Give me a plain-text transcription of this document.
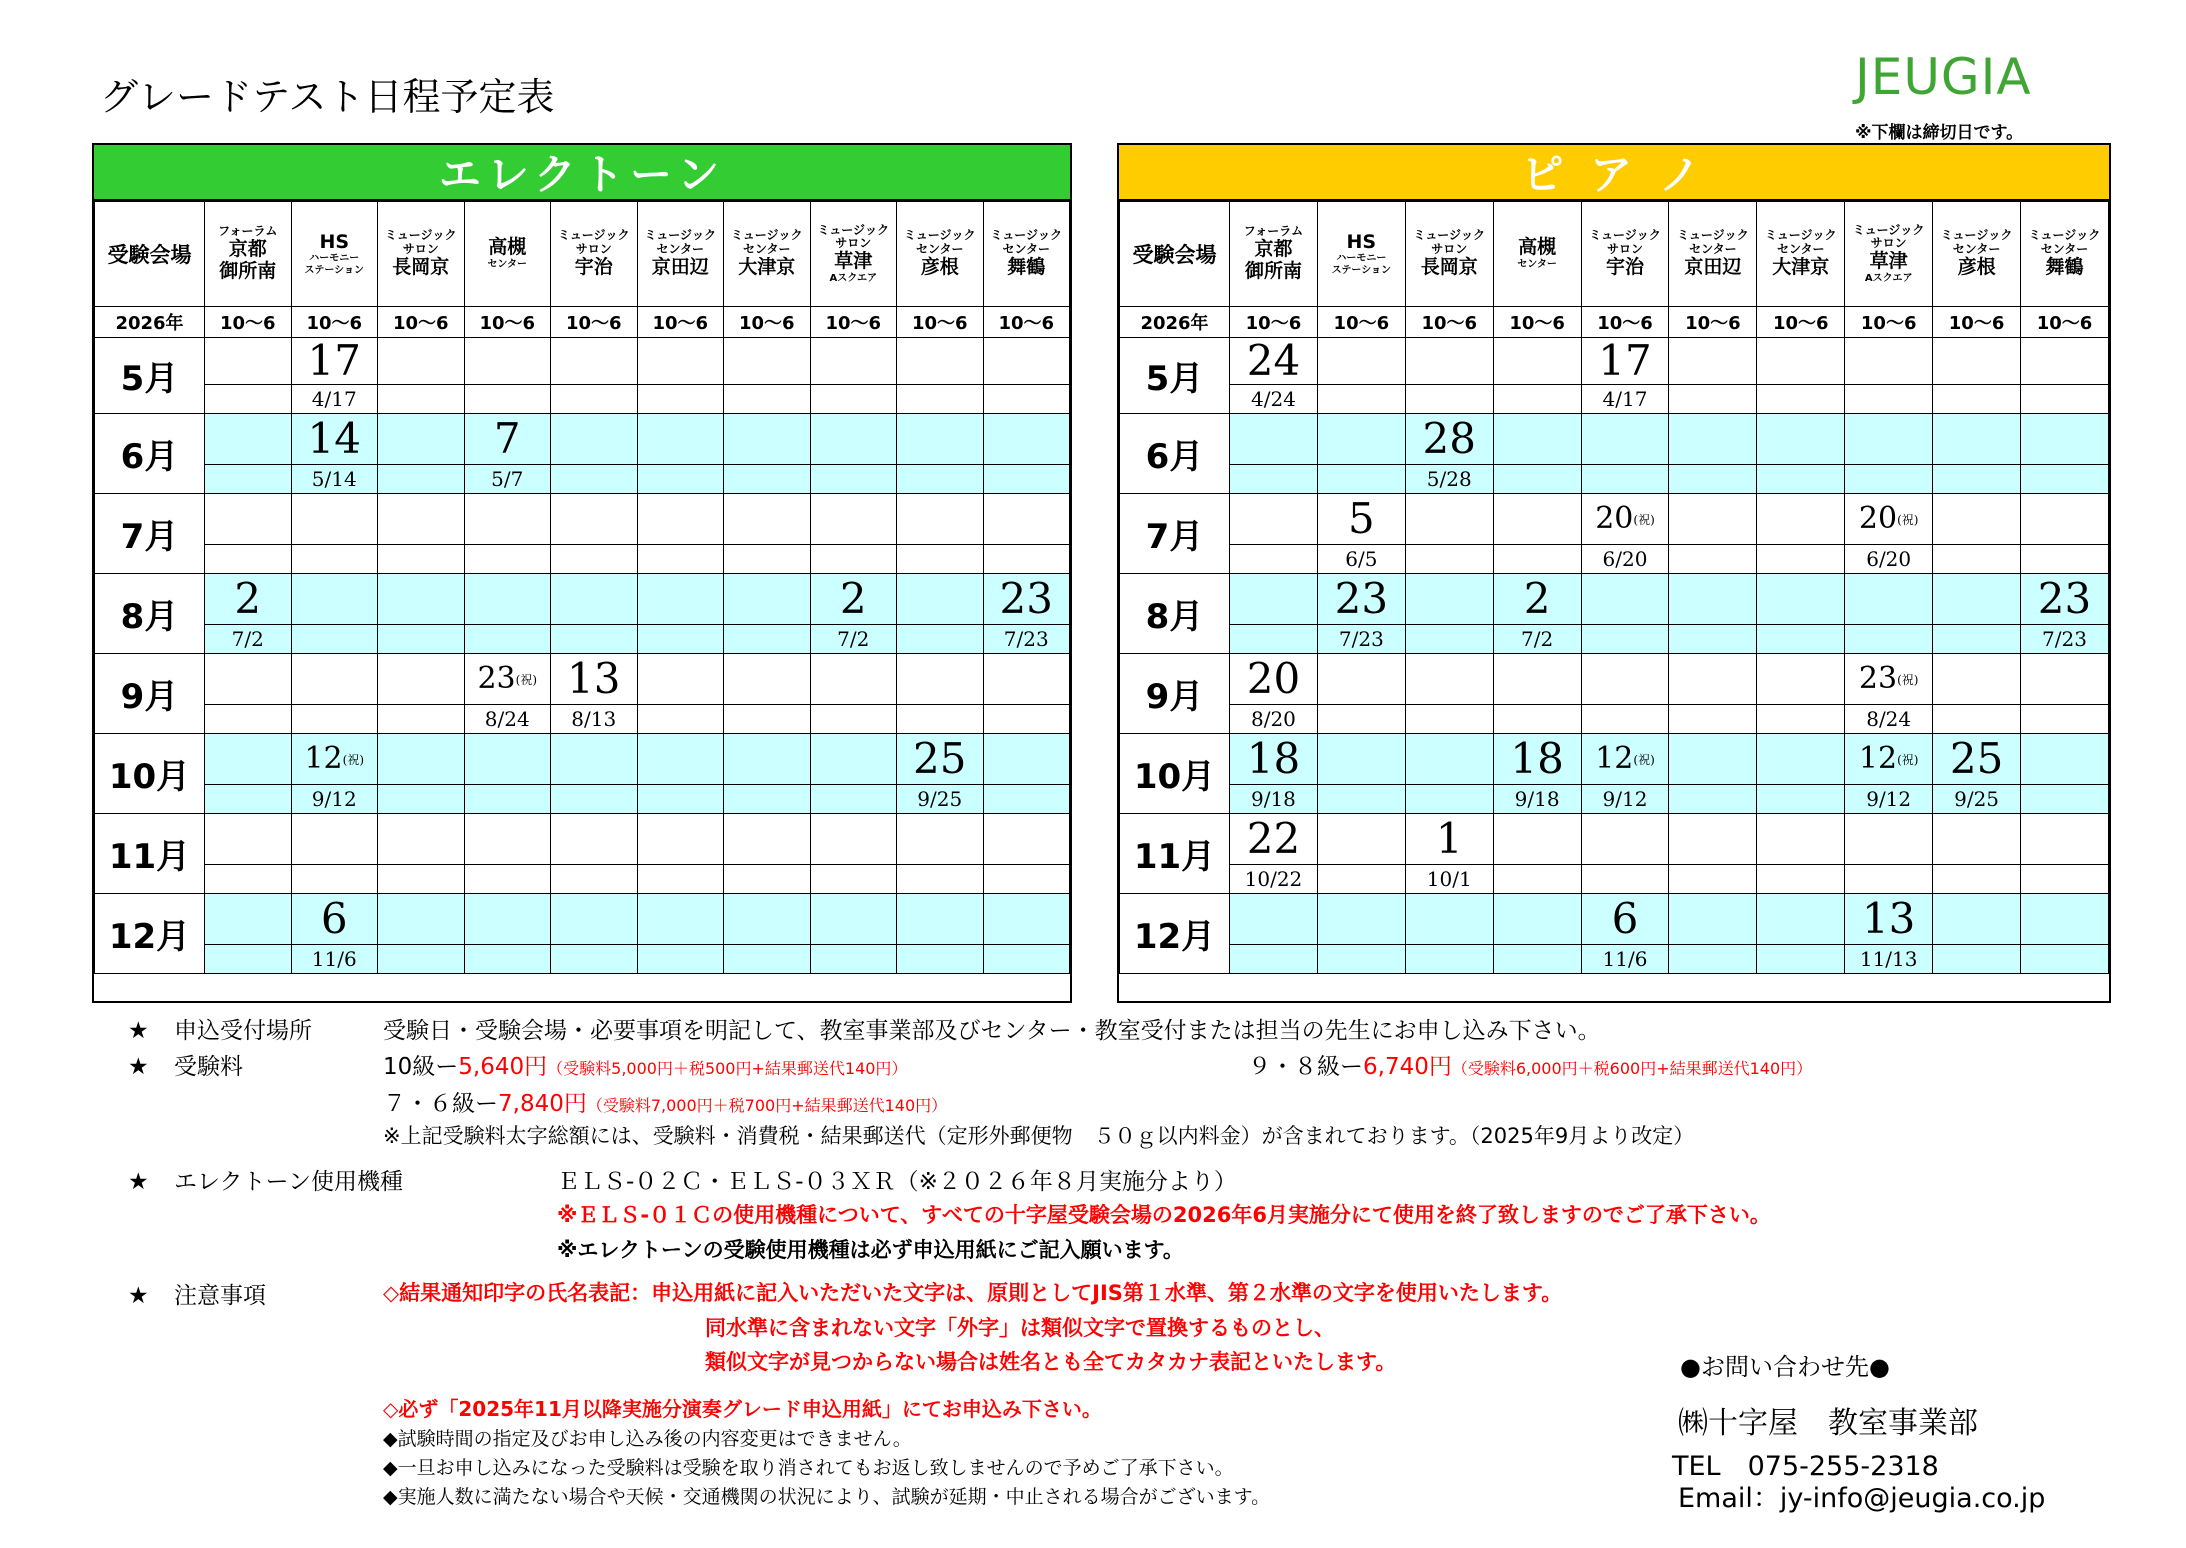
グレードテスト日程予定表	JEUGIA
※下欄は締切日です。
エレクトーン
受験会場	フォーラム
京都
御所南	HS
ハーモニー
ステーション	ミュージック
サロン
長岡京	高槻
センター	ミュージック
サロン
宇治	ミュージック
センター
京田辺	ミュージック
センター
大津京	ミュージック
サロン
草津
Aスクエア	ミュージック
センター
彦根	ミュージック
センター
舞鶴

2026年	10～6	10～6	10～6	10～6	10～6	10～6	10～6	10～6	10～6	10～6
5月		17								
		4/17								
6月		14		7						
		5/14		5/7						
7月										

8月	2							2		23
	7/2							7/2		7/23
9月				23(祝)	13					
				8/24	8/13					
10月		12(祝)							25	
		9/12							9/25	
11月										

12月		6								
		11/6								
ピ ア ノ
受験会場	フォーラム
京都
御所南	HS
ハーモニー
ステーション	ミュージック
サロン
長岡京	高槻
センター	ミュージック
サロン
宇治	ミュージック
センター
京田辺	ミュージック
センター
大津京	ミュージック
サロン
草津
Aスクエア	ミュージック
センター
彦根	ミュージック
センター
舞鶴

2026年	10～6	10～6	10～6	10～6	10～6	10～6	10～6	10～6	10～6	10～6
5月	24				17					
	4/24				4/17					
6月			28							
			5/28							
7月		5			20(祝)			20(祝)		
		6/5			6/20			6/20		
8月		23		2						23
		7/23		7/2						7/23
9月	20							23(祝)		
	8/20							8/24		
10月	18			18	12(祝)			12(祝)	25	
	9/18			9/18	9/12			9/12	9/25	
11月	22		1							
	10/22		10/1							
12月					6			13		
					11/6			11/13		
★ 申込受付場所	受験日・受験会場・必要事項を明記して、教室事業部及びセンター・教室受付または担当の先生にお申し込み下さい。
★ 受験料	10級ー5,640円（受験料5,000円＋税500円+結果郵送代140円）	９・８級ー6,740円（受験料6,000円＋税600円+結果郵送代140円）
７・６級ー7,840円（受験料7,000円＋税700円+結果郵送代140円）
※上記受験料太字総額には、受験料・消費税・結果郵送代（定形外郵便物　５０ｇ以内料金）が含まれております。（2025年9月より改定）
★ エレクトーン使用機種	ＥＬＳ-０２Ｃ・ＥＬＳ-０３ＸＲ（※２０２６年８月実施分より）
※ＥＬＳ-０１Ｃの使用機種について、すべての十字屋受験会場の2026年6月実施分にて使用を終了致しますのでご了承下さい。
※エレクトーンの受験使用機種は必ず申込用紙にご記入願います。
★ 注意事項	◇結果通知印字の氏名表記：申込用紙に記入いただいた文字は、原則としてJIS第１水準、第２水準の文字を使用いたします。
同水準に含まれない文字「外字」は類似文字で置換するものとし、
類似文字が見つからない場合は姓名とも全てカタカナ表記といたします。
◇必ず「2025年11月以降実施分演奏グレード申込用紙」にてお申込み下さい。
◆試験時間の指定及びお申し込み後の内容変更はできません。
◆一旦お申し込みになった受験料は受験を取り消されてもお返し致しませんので予めご了承下さい。
◆実施人数に満たない場合や天候・交通機関の状況により、試験が延期・中止される場合がございます。
●お問い合わせ先●
㈱十字屋　教室事業部
TEL　075-255-2318
Email：jy-info@jeugia.co.jp
